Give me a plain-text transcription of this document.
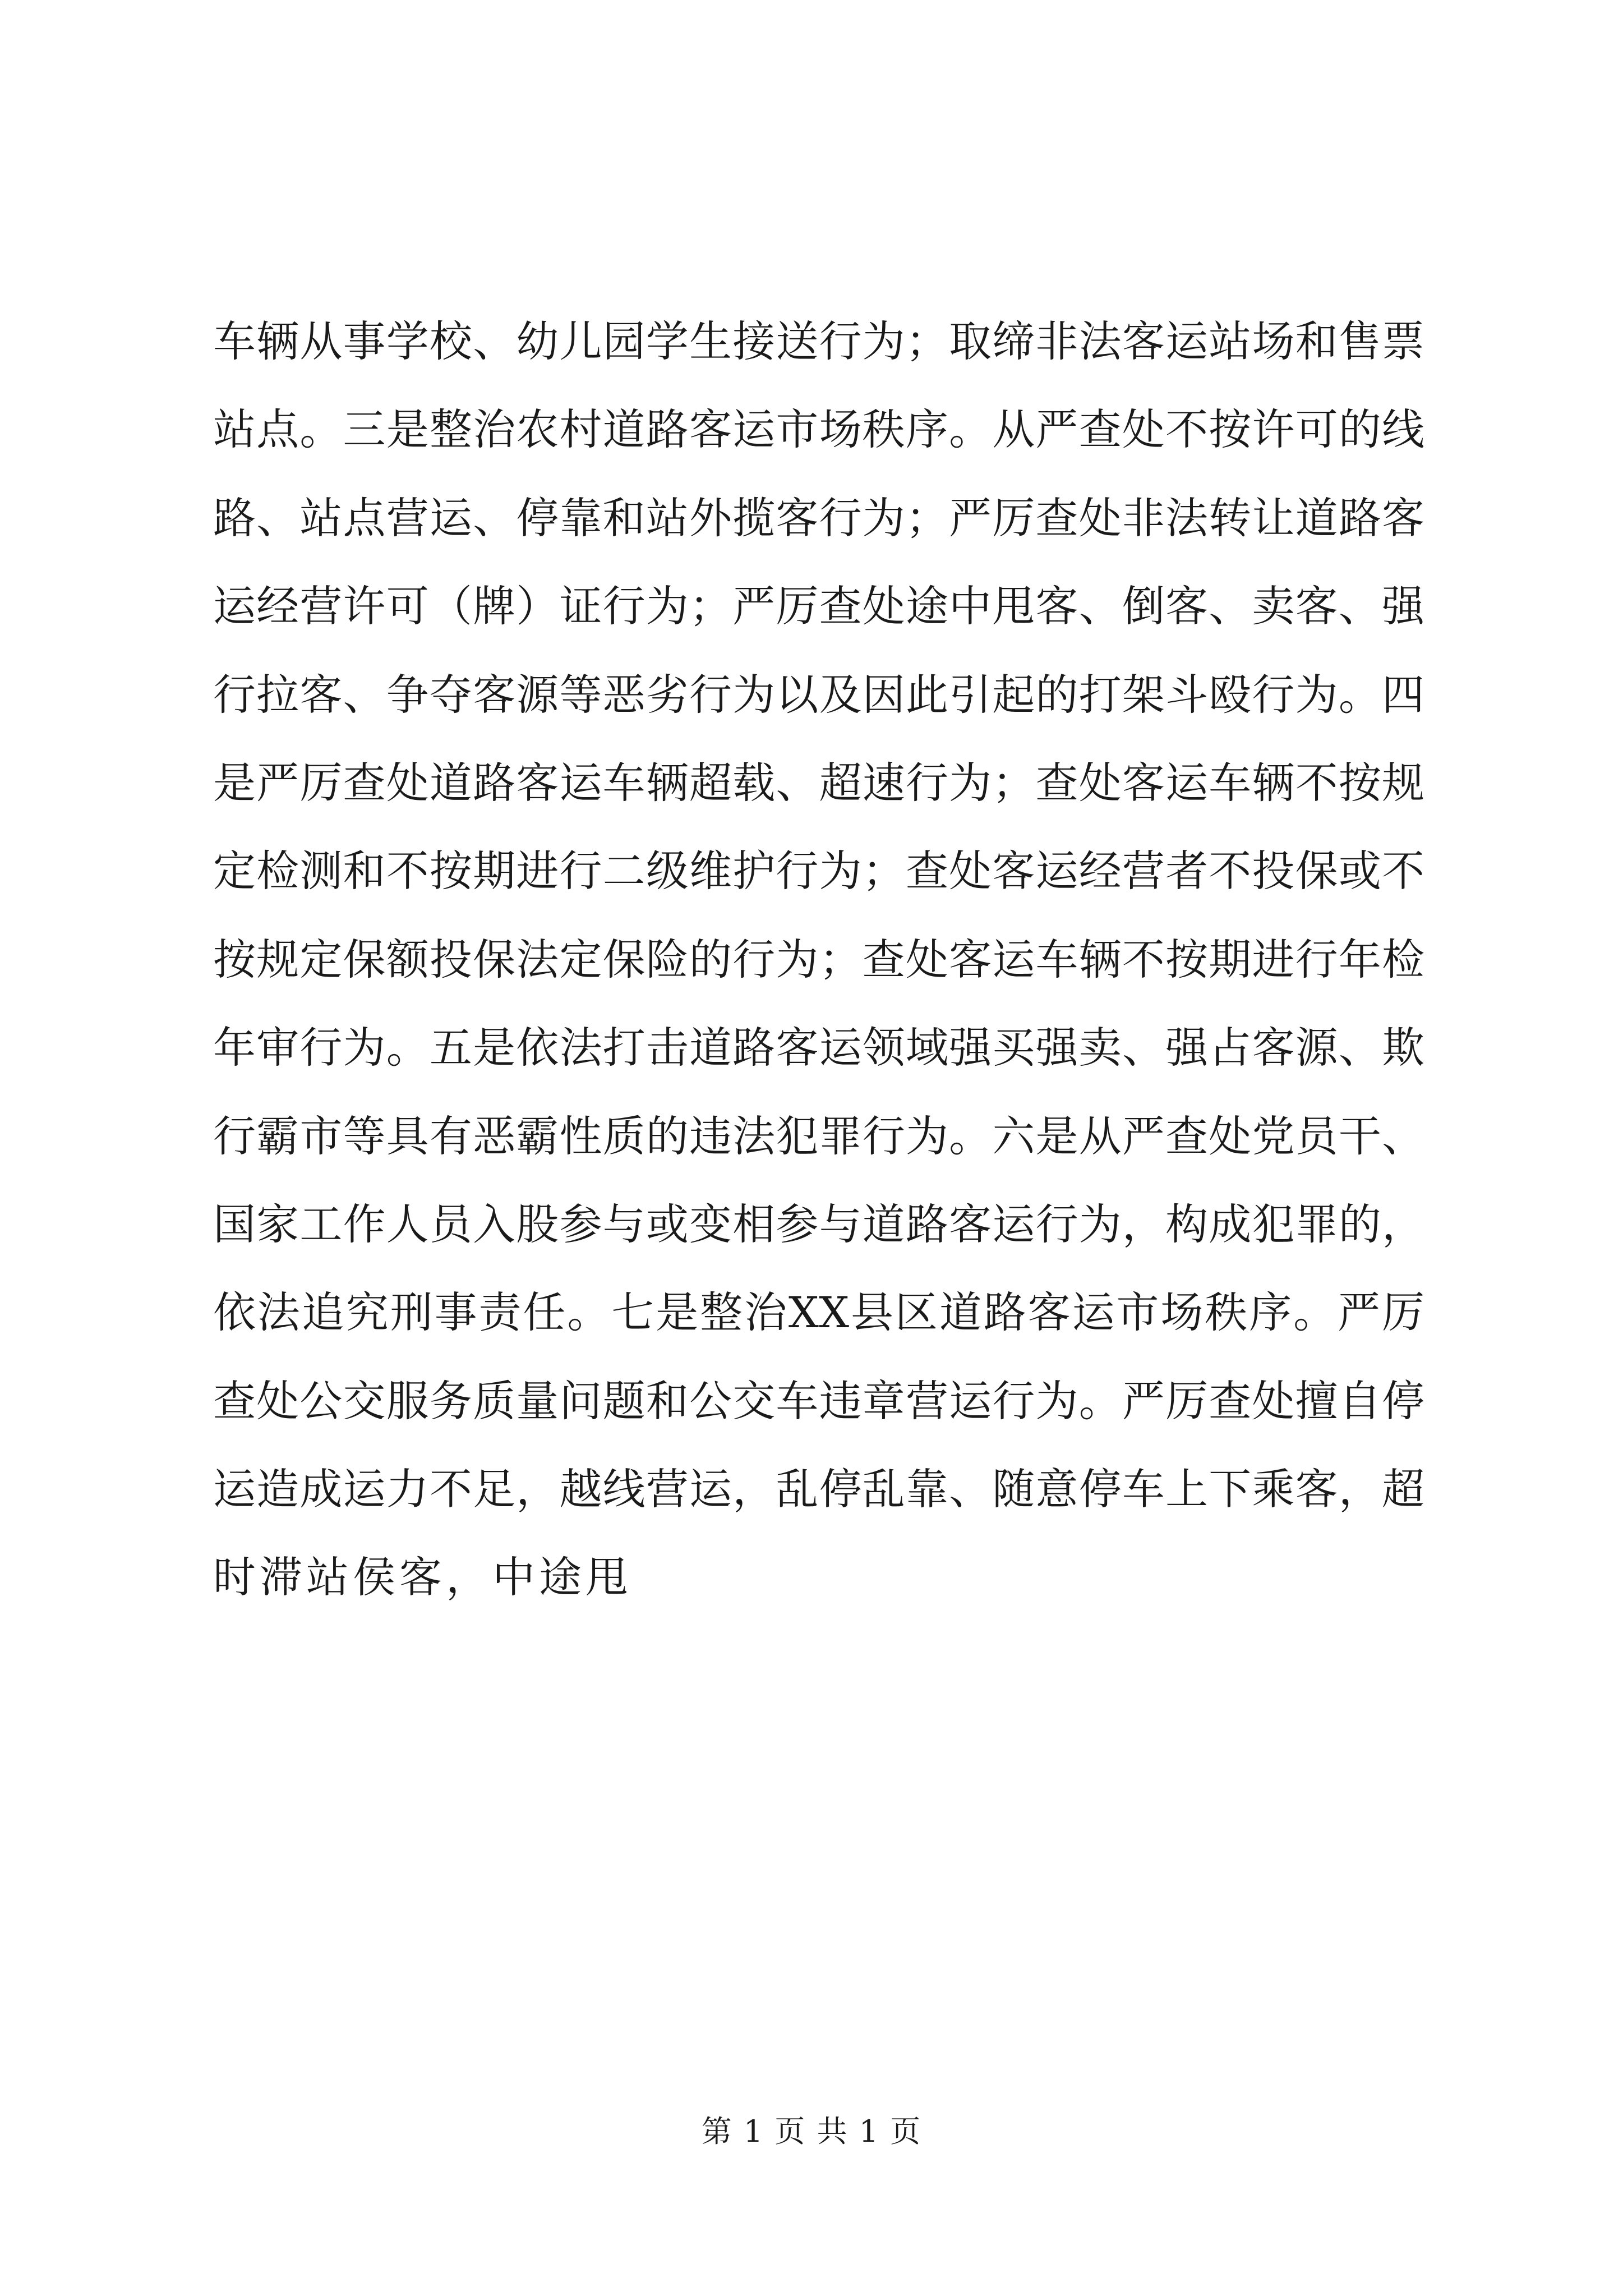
车辆从事学校、幼儿园学生接送行为；取缔非法客运站场和售票
站点。三是整治农村道路客运市场秩序。从严查处不按许可的线
路、站点营运、停靠和站外揽客行为；严厉查处非法转让道路客
运经营许可（牌）证行为；严厉查处途中甩客、倒客、卖客、强
行拉客、争夺客源等恶劣行为以及因此引起的打架斗殴行为。四
是严厉查处道路客运车辆超载、超速行为；查处客运车辆不按规
定检测和不按期进行二级维护行为；查处客运经营者不投保或不
按规定保额投保法定保险的行为；查处客运车辆不按期进行年检
年审行为。五是依法打击道路客运领域强买强卖、强占客源、欺
行霸市等具有恶霸性质的违法犯罪行为。六是从严查处党员干、
国家工作人员入股参与或变相参与道路客运行为，构成犯罪的，
依法追究刑事责任。七是整治XX县区道路客运市场秩序。严厉
查处公交服务质量问题和公交车违章营运行为。严厉查处擅自停
运造成运力不足，越线营运，乱停乱靠、随意停车上下乘客，超
时滞站侯客，中途甩
第 1 页 共 1 页
